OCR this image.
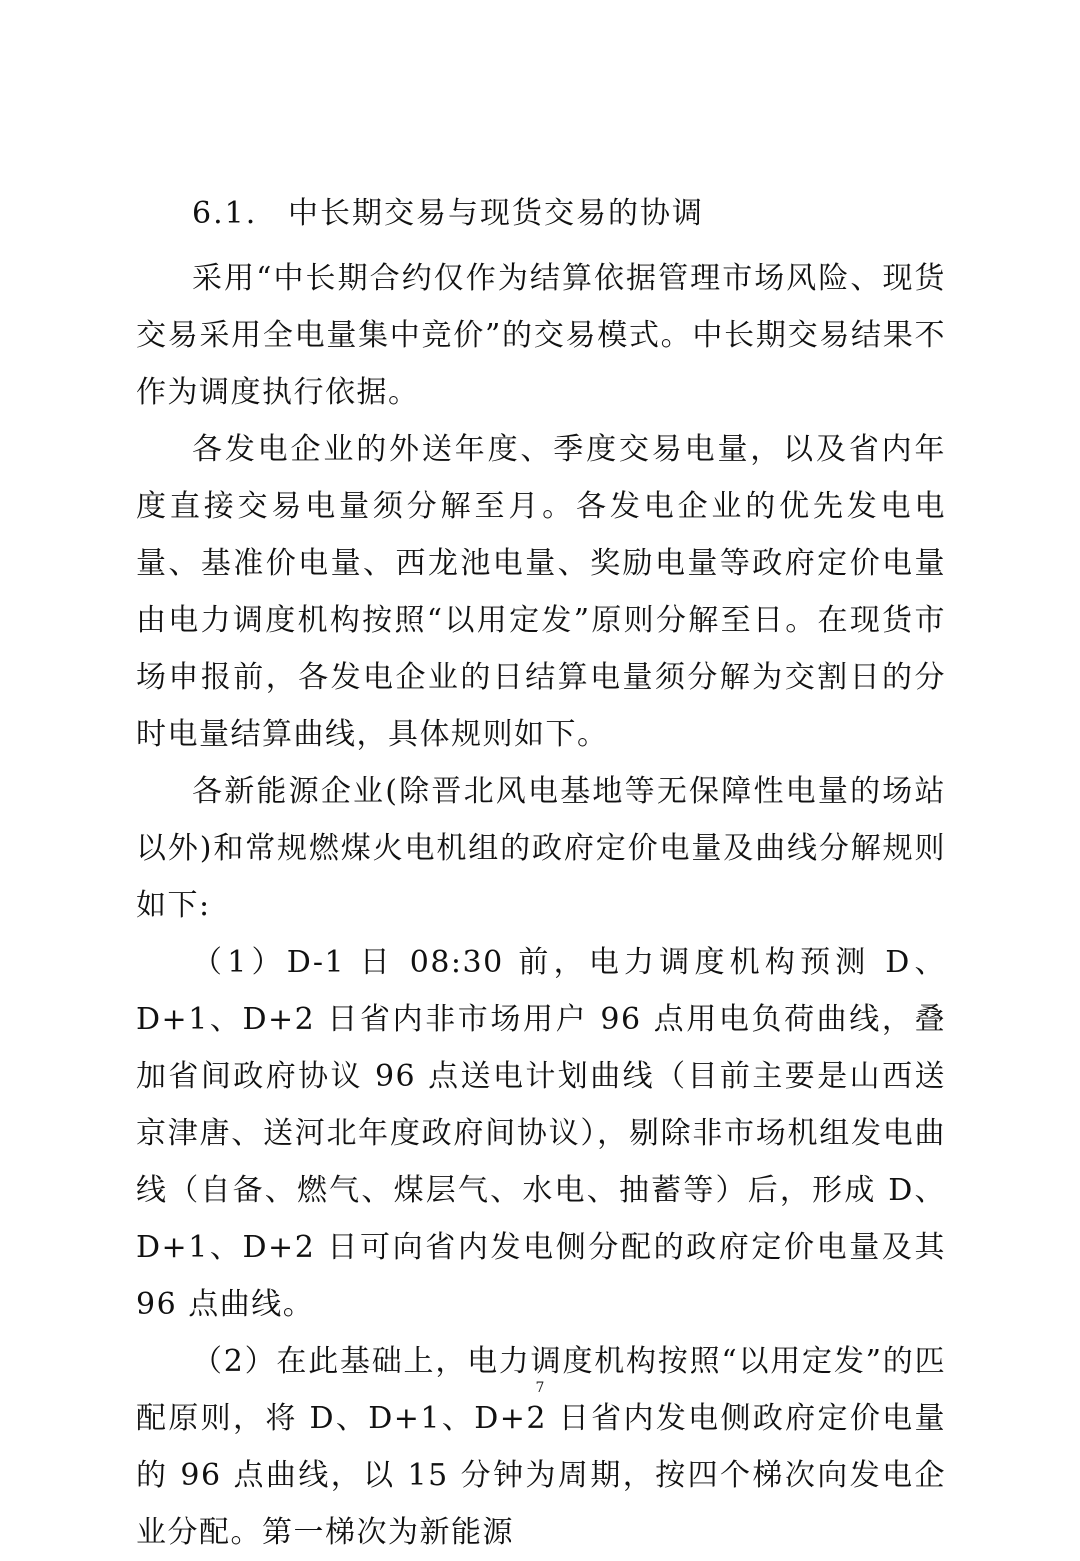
6.1. 中长期交易与现货交易的协调

采用“中长期合约仅作为结算依据管理市场风险、现货交易采用全电量集中竞价”的交易模式。中长期交易结果不作为调度执行依据。

各发电企业的外送年度、季度交易电量，以及省内年度直接交易电量须分解至月。各发电企业的优先发电电量、基准价电量、西龙池电量、奖励电量等政府定价电量由电力调度机构按照“以用定发”原则分解至日。在现货市场申报前，各发电企业的日结算电量须分解为交割日的分时电量结算曲线，具体规则如下。

各新能源企业(除晋北风电基地等无保障性电量的场站以外)和常规燃煤火电机组的政府定价电量及曲线分解规则如下:

（1）D-1 日 08:30 前，电力调度机构预测 D、D+1、D+2 日省内非市场用户 96 点用电负荷曲线，叠加省间政府协议 96 点送电计划曲线（目前主要是山西送京津唐、送河北年度政府间协议），剔除非市场机组发电曲线（自备、燃气、煤层气、水电、抽蓄等）后，形成 D、D+1、D+2 日可向省内发电侧分配的政府定价电量及其 96 点曲线。

（2）在此基础上，电力调度机构按照“以用定发”的匹配原则，将 D、D+1、D+2 日省内发电侧政府定价电量的 96 点曲线，以 15 分钟为周期，按四个梯次向发电企业分配。第一梯次为新能源

7
